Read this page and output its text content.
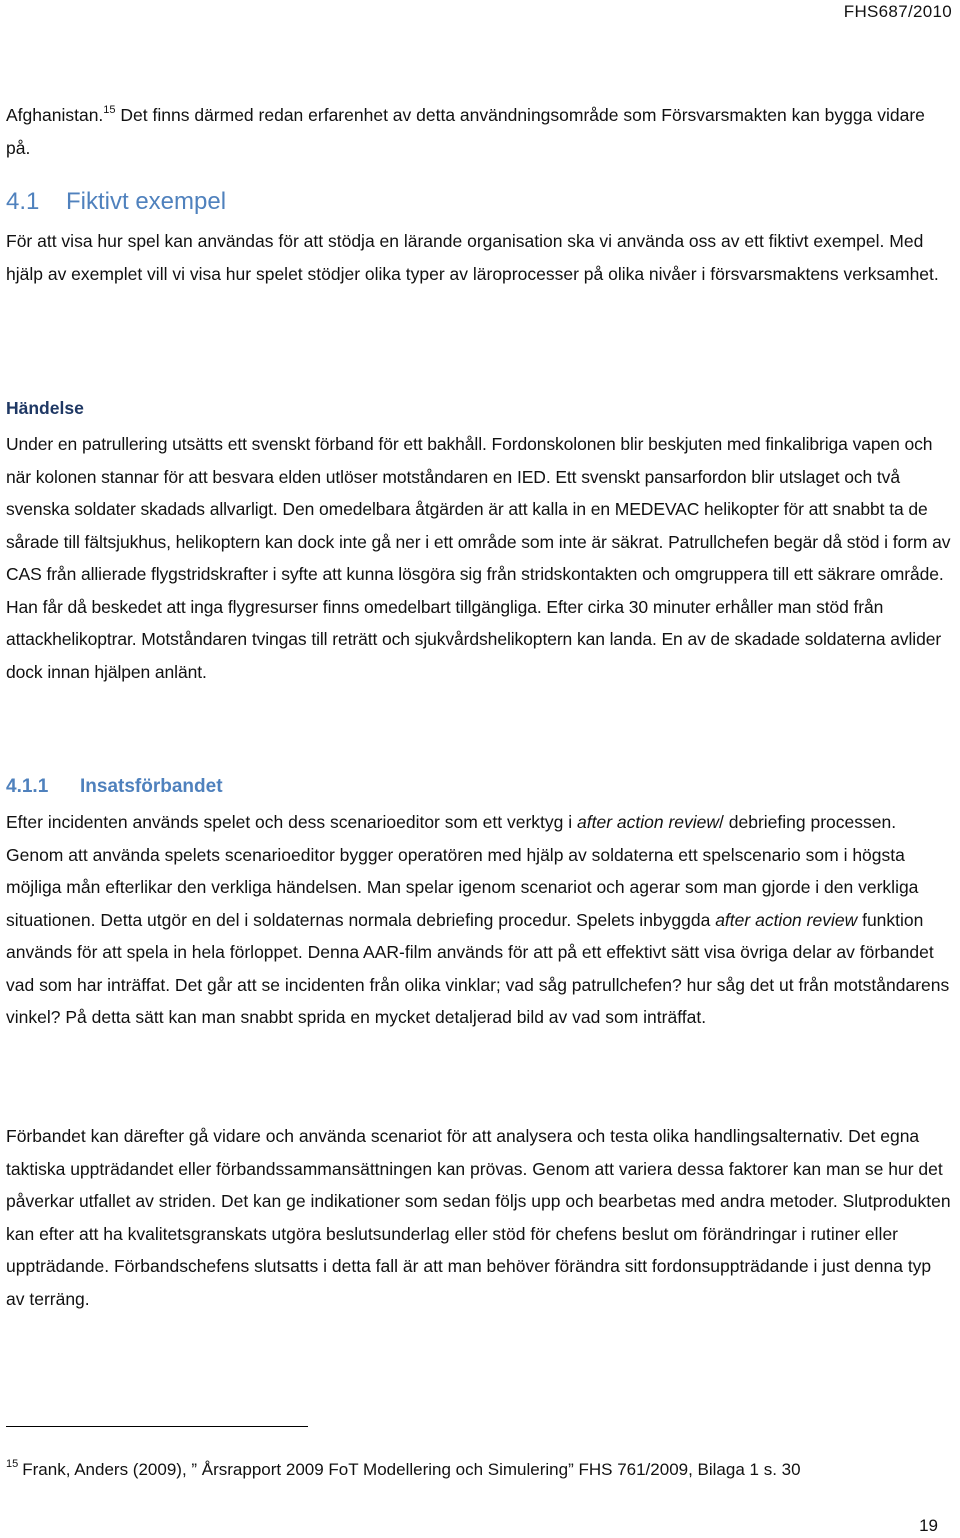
FHS687/2010

Afghanistan.$^{15}$ Det finns därmed redan erfarenhet av detta användningsområde som Försvarsmakten kan bygga vidare på.

4.1 Fiktivt exempel

För att visa hur spel kan användas för att stödja en lärande organisation ska vi använda oss av ett fiktivt exempel. Med hjälp av exemplet vill vi visa hur spelet stödjer olika typer av läroprocesser på olika nivåer i försvarsmaktens verksamhet.

Händelse

Under en patrullering utsätts ett svenskt förband för ett bakhåll. Fordonskolonen blir beskjuten med finkalibriga vapen och när kolonen stannar för att besvara elden utlöser motståndaren en IED. Ett svenskt pansarfordon blir utslaget och två svenska soldater skadads allvarligt. Den omedelbara åtgärden är att kalla in en MEDEVAC helikopter för att snabbt ta de sårade till fältsjukhus, helikoptern kan dock inte gå ner i ett område som inte är säkrat. Patrullchefen begär då stöd i form av CAS från allierade flygstridskrafter i syfte att kunna lösgöra sig från stridskontakten och omgruppera till ett säkrare område. Han får då beskedet att inga flygresurser finns omedelbart tillgängliga. Efter cirka 30 minuter erhåller man stöd från attackhelikoptrar. Motståndaren tvingas till reträtt och sjukvårdshelikoptern kan landa. En av de skadade soldaterna avlider dock innan hjälpen anlänt.

4.1.1 Insatsförbandet

Efter incidenten används spelet och dess scenarioeditor som ett verktyg i after action review/ debriefing processen. Genom att använda spelets scenarioeditor bygger operatören med hjälp av soldaterna ett spelscenario som i högsta möjliga mån efterlikar den verkliga händelsen. Man spelar igenom scenariot och agerar som man gjorde i den verkliga situationen. Detta utgör en del i soldaternas normala debriefing procedur. Spelets inbyggda after action review funktion används för att spela in hela förloppet. Denna AAR-film används för att på ett effektivt sätt visa övriga delar av förbandet vad som har inträffat. Det går att se incidenten från olika vinklar; vad såg patrullchefen? hur såg det ut från motståndarens vinkel? På detta sätt kan man snabbt sprida en mycket detaljerad bild av vad som inträffat.

Förbandet kan därefter gå vidare och använda scenariot för att analysera och testa olika handlingsalternativ. Det egna taktiska uppträdandet eller förbandssammansättningen kan prövas. Genom att variera dessa faktorer kan man se hur det påverkar utfallet av striden. Det kan ge indikationer som sedan följs upp och bearbetas med andra metoder. Slutprodukten kan efter att ha kvalitetsgranskats utgöra beslutsunderlag eller stöd för chefens beslut om förändringar i rutiner eller uppträdande. Förbandschefens slutsatts i detta fall är att man behöver förändra sitt fordonsuppträdande i just denna typ av terräng.

$^{15}$ Frank, Anders (2009), ” Årsrapport 2009 FoT Modellering och Simulering” FHS 761/2009, Bilaga 1 s. 30

19
